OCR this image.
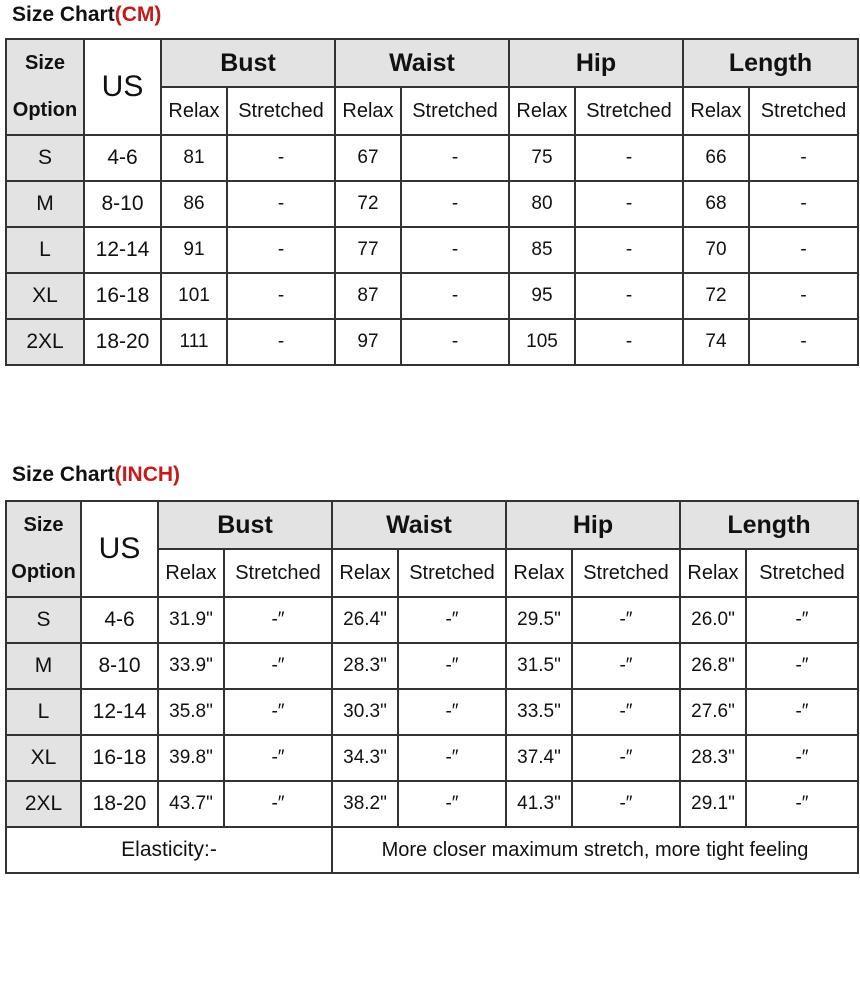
Size Chart(CM)
Size
Option	US	Bust		Waist		Hip		Length	
		Relax	Stretched	Relax	Stretched	Relax	Stretched	Relax	Stretched
S	4-6	81	-	67	-	75	-	66	-
M	8-10	86	-	72	-	80	-	68	-
L	12-14	91	-	77	-	85	-	70	-
XL	16-18	101	-	87	-	95	-	72	-
2XL	18-20	111	-	97	-	105	-	74	-
Size Chart(INCH)
Size
Option	US	Bust		Waist		Hip		Length	
		Relax	Stretched	Relax	Stretched	Relax	Stretched	Relax	Stretched
S	4-6	31.9"	-″	26.4"	-″	29.5"	-″	26.0"	-″
M	8-10	33.9"	-″	28.3"	-″	31.5"	-″	26.8"	-″
L	12-14	35.8"	-″	30.3"	-″	33.5"	-″	27.6"	-″
XL	16-18	39.8"	-″	34.3"	-″	37.4"	-″	28.3"	-″
2XL	18-20	43.7"	-″	38.2"	-″	41.3"	-″	29.1"	-″
Elasticity:-				More closer maximum stretch, more tight feeling					
